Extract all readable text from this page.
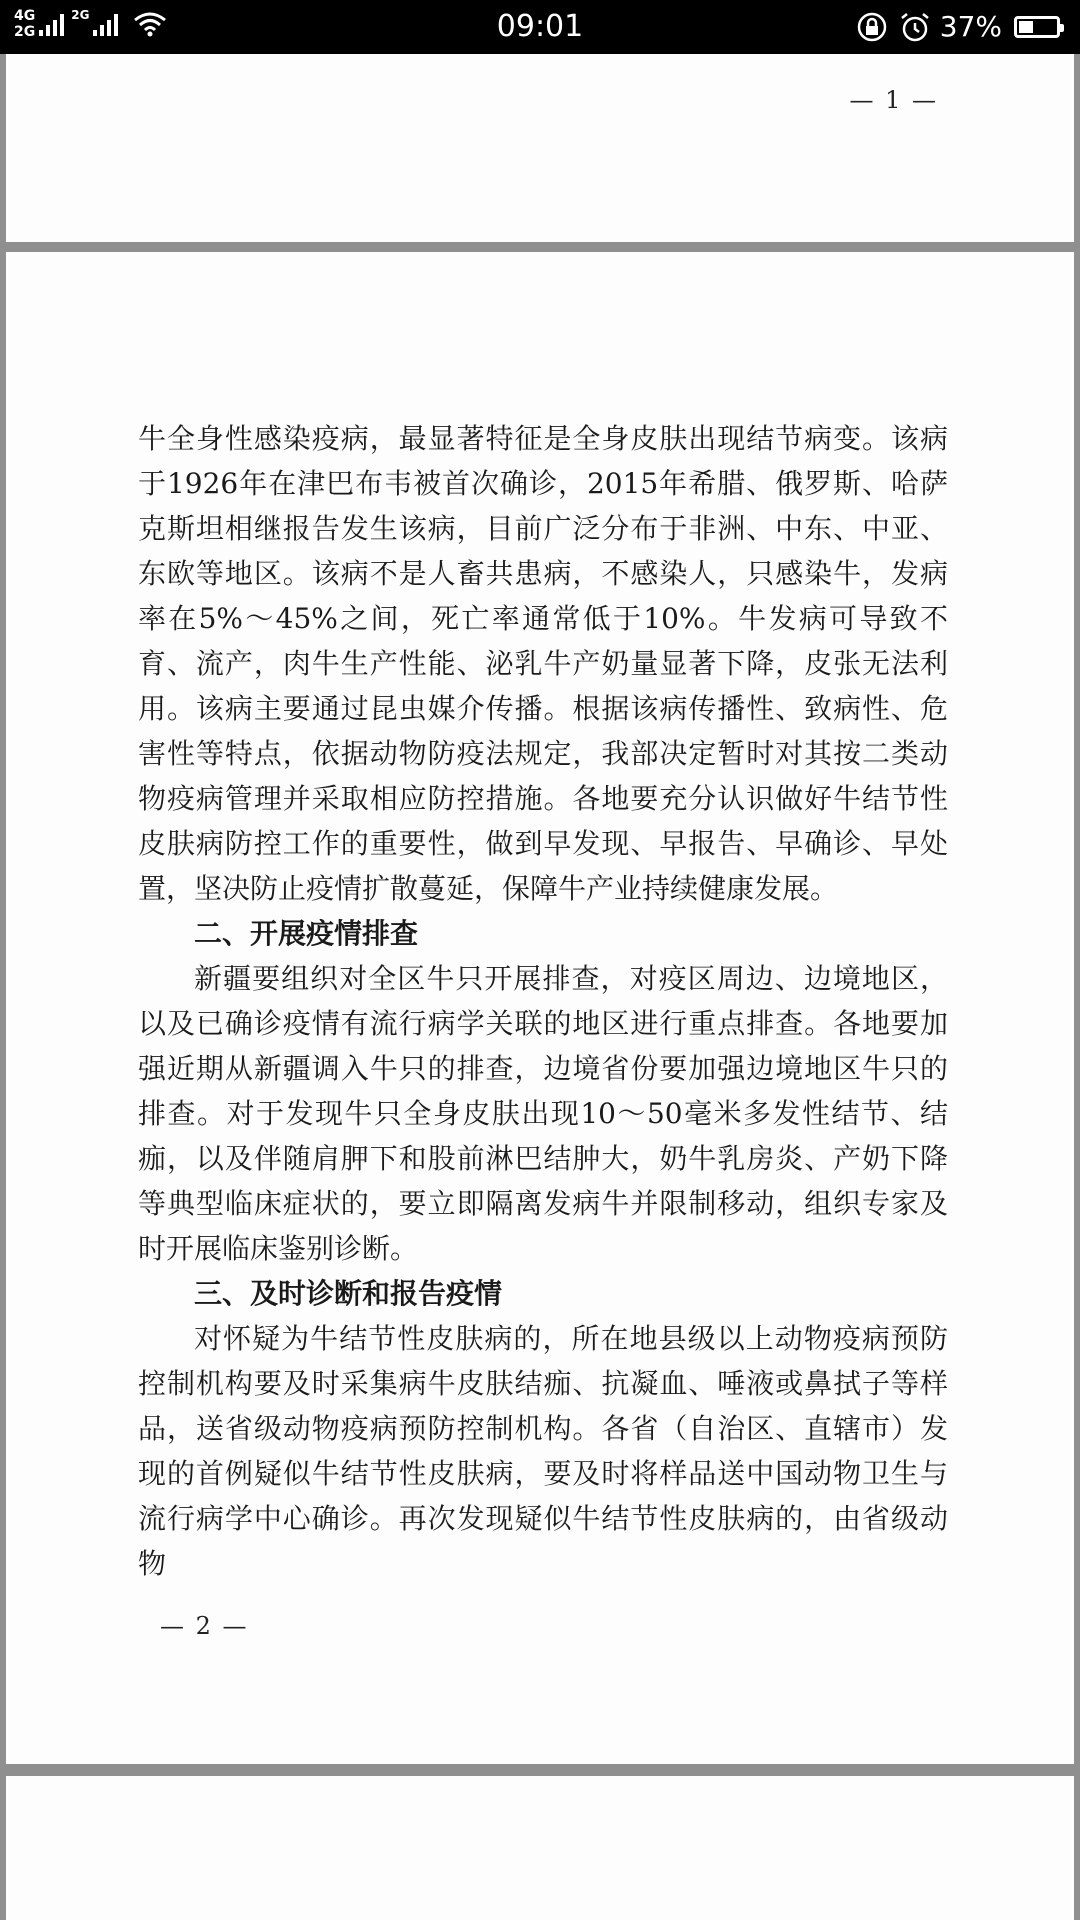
4G
2G
2G	09:01	37%
— 1 —

牛全身性感染疫病，最显著特征是全身皮肤出现结节病变。该病于1926年在津巴布韦被首次确诊，2015年希腊、俄罗斯、哈萨克斯坦相继报告发生该病，目前广泛分布于非洲、中东、中亚、东欧等地区。该病不是人畜共患病，不感染人，只感染牛，发病率在5%～45%之间，死亡率通常低于10%。牛发病可导致不育、流产，肉牛生产性能、泌乳牛产奶量显著下降，皮张无法利用。该病主要通过昆虫媒介传播。根据该病传播性、致病性、危害性等特点，依据动物防疫法规定，我部决定暂时对其按二类动物疫病管理并采取相应防控措施。各地要充分认识做好牛结节性皮肤病防控工作的重要性，做到早发现、早报告、早确诊、早处置，坚决防止疫情扩散蔓延，保障牛产业持续健康发展。

二、开展疫情排查

新疆要组织对全区牛只开展排查，对疫区周边、边境地区，以及已确诊疫情有流行病学关联的地区进行重点排查。各地要加强近期从新疆调入牛只的排查，边境省份要加强边境地区牛只的排查。对于发现牛只全身皮肤出现10～50毫米多发性结节、结痂，以及伴随肩胛下和股前淋巴结肿大，奶牛乳房炎、产奶下降等典型临床症状的，要立即隔离发病牛并限制移动，组织专家及时开展临床鉴别诊断。

三、及时诊断和报告疫情

对怀疑为牛结节性皮肤病的，所在地县级以上动物疫病预防控制机构要及时采集病牛皮肤结痂、抗凝血、唾液或鼻拭子等样品，送省级动物疫病预防控制机构。各省（自治区、直辖市）发现的首例疑似牛结节性皮肤病，要及时将样品送中国动物卫生与流行病学中心确诊。再次发现疑似牛结节性皮肤病的，由省级动物

— 2 —
